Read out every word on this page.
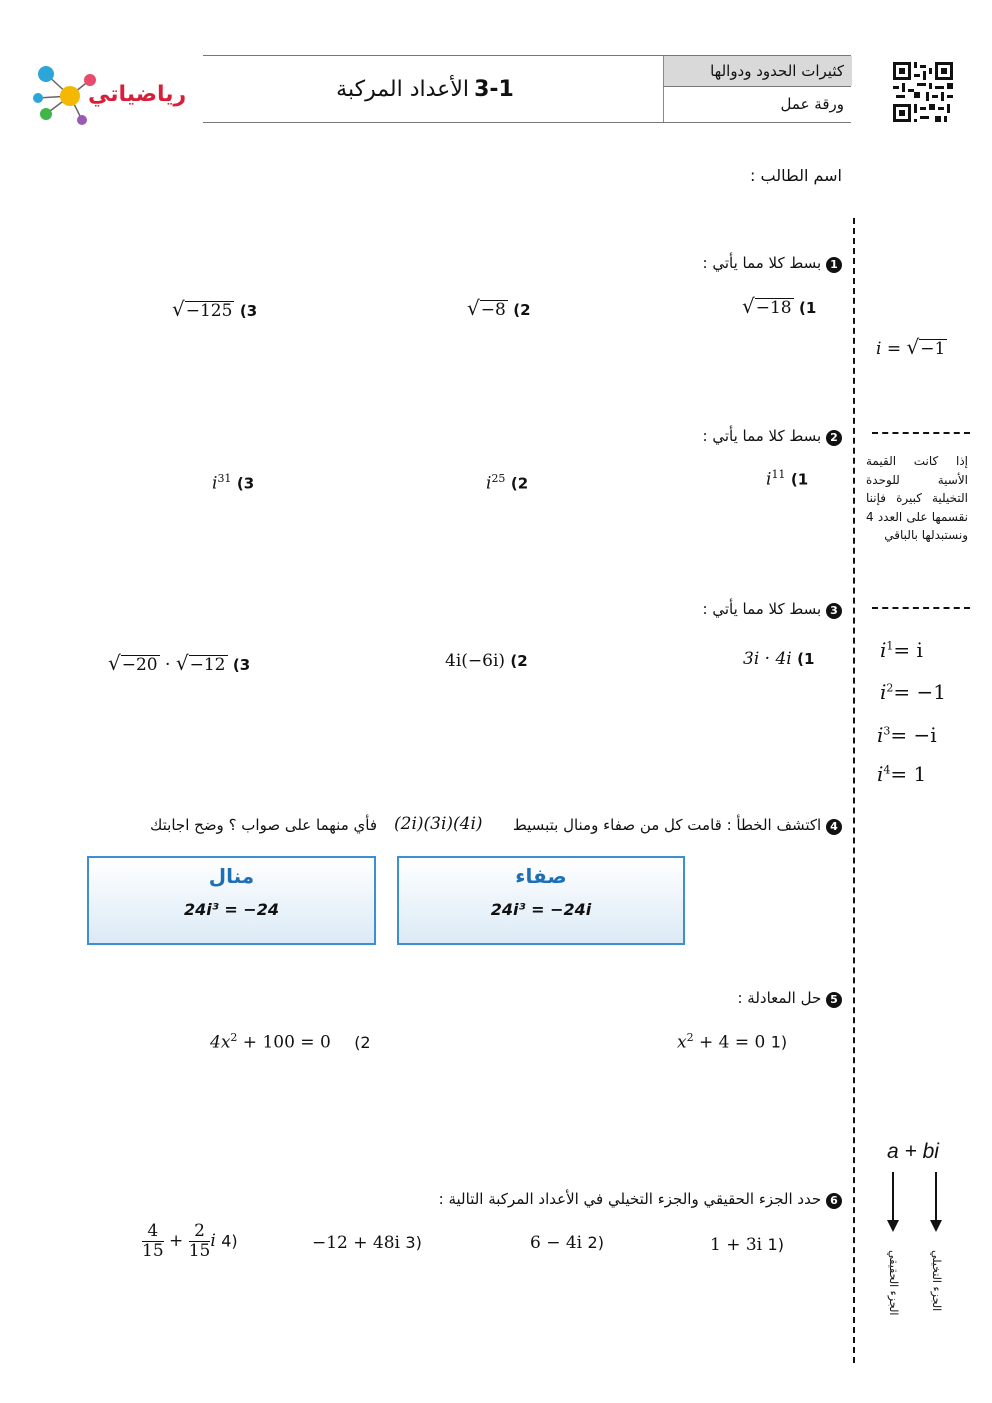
كثيرات الحدود ودوالها
ورقة عمل
3-1 الأعداد المركبة
رياضياتي
اسم الطالب :
1 بسط كلا مما يأتي :
√−18 (1
√−8 (2
√−125 (3
2 بسط كلا مما يأتي :
$i^{11}$ (1
$i^{25}$ (2
$i^{31}$ (3
3 بسط كلا مما يأتي :
3i · 4i (1
4i(−6i) (2
√−20 · √−12 (3
4 اكتشف الخطأ : قامت كل من صفاء ومنال بتبسيط
(2i)(3i)(4i)
فأي منهما على صواب ؟ وضح اجابتك
صفاء
24i³ = −24i
منال
24i³ = −24
5 حل المعادلة :
$x^2 + 4 = 0$ 1)
$4x^2 + 100 = 0$ (2
6 حدد الجزء الحقيقي والجزء التخيلي في الأعداد المركبة التالية :
1 + 3i 1)
6 − 4i 2)
−12 + 48i 3)
$\frac{4}{15} + \frac{2}{15}$ i 4)
i = √−1
إذا كانت القيمة الأسية للوحدة التخيلية كبيرة فإننا نقسمها على العدد 4 ونستبدلها بالباقي
$i^1= i$
$i^2= -1$
$i^3= -i$
$i^4= 1$
a + bi
الجزء الحقيقي	الجزء التخيلي
